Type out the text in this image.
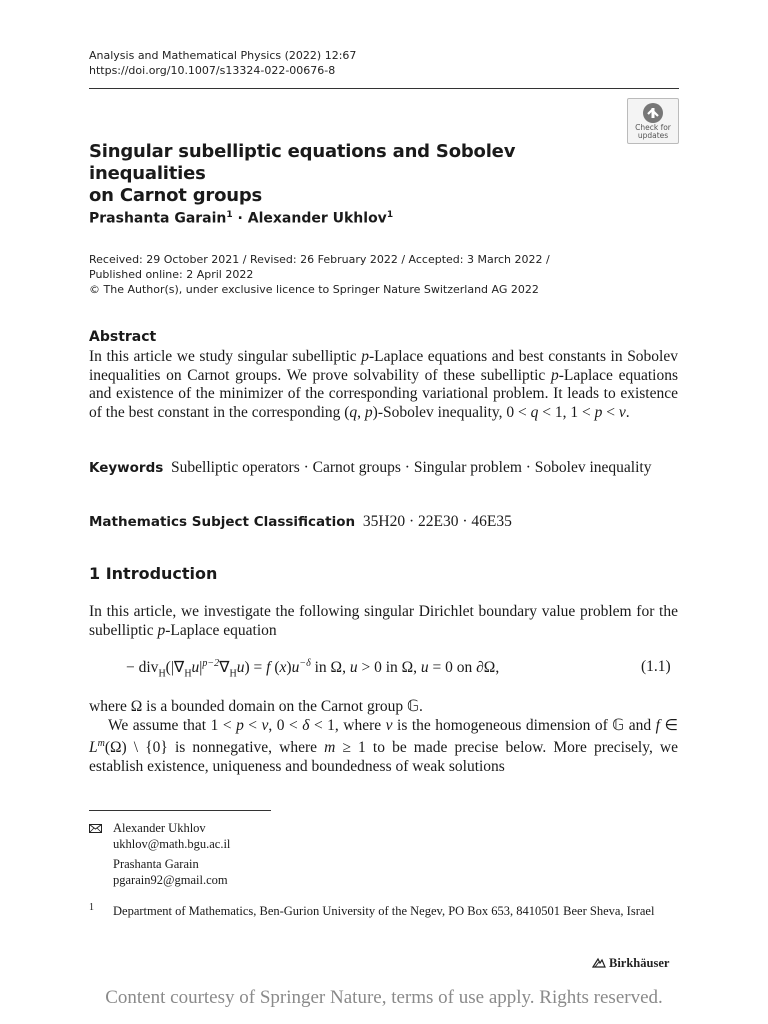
Analysis and Mathematical Physics (2022) 12:67
https://doi.org/10.1007/s13324-022-00676-8
Check for
updates
Singular subelliptic equations and Sobolev inequalities
on Carnot groups
Prashanta Garain$^1$ · Alexander Ukhlov$^1$
Received: 29 October 2021 / Revised: 26 February 2022 / Accepted: 3 March 2022 /
Published online: 2 April 2022
© The Author(s), under exclusive licence to Springer Nature Switzerland AG 2022
Abstract
In this article we study singular subelliptic p-Laplace equations and best constants in Sobolev inequalities on Carnot groups. We prove solvability of these subelliptic p-Laplace equations and existence of the minimizer of the corresponding variational problem. It leads to existence of the best constant in the corresponding (q, p)-Sobolev inequality, 0 < q < 1, 1 < p < ν.
Keywords Subelliptic operators · Carnot groups · Singular problem · Sobolev inequality
Mathematics Subject Classification 35H20 · 22E30 · 46E35
1 Introduction
In this article, we investigate the following singular Dirichlet boundary value problem for the subelliptic p-Laplace equation
− $div_H(|\nabla_Hu|^{p-2}\nabla_Hu) = f$ $(x)u^{-\delta}$ in Ω, u > 0 in Ω, u = 0 on ∂Ω,	(1.1)
where Ω is a bounded domain on the Carnot group 𝔾.
We assume that 1 < p < ν, 0 < δ < 1, where ν is the homogeneous dimension of 𝔾 and f ∈ $L^m(\Omega)$ \ {0} is nonnegative, where m ≥ 1 to be made precise below. More precisely, we establish existence, uniqueness and boundedness of weak solutions
Alexander Ukhlov
ukhlov@math.bgu.ac.il
Prashanta Garain
pgarain92@gmail.com
1 Department of Mathematics, Ben-Gurion University of the Negev, PO Box 653, 8410501 Beer Sheva, Israel
Birkhäuser
Content courtesy of Springer Nature, terms of use apply. Rights reserved.
